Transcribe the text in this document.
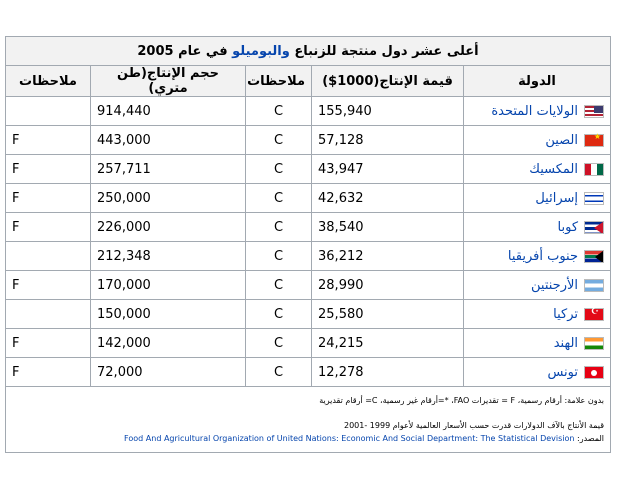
أعلى عشر دول منتجة للزنباع والبوميلو في عام 2005				
الدولة	قيمة الإنتاج(1000$)	ملاحظات	حجم الإنتاج(طن متري)	ملاحظات
الولايات المتحدة	155,940	C	914,440	
★الصين	57,128	C	443,000	F
المكسيك	43,947	C	257,711	F
إسرائيل	42,632	C	250,000	F
كوبا	38,540	C	226,000	F
جنوب أفريقيا	36,212	C	212,348	
الأرجنتين	28,990	C	170,000	F
☪تركيا	25,580	C	150,000	
الهند	24,215	C	142,000	F
تونس	12,278	C	72,000	F

بدون علامة: أرقام رسمية، F = تقديرات FAO، *=أرقام غير رسمية، C= أرقام تقديرية
قيمة الأنتاج بالآف الدولارات قدرت حسب الأسعار العالمية لأعوام 1999 -2001
المصدر: Food And Agricultural Organization of United Nations: Economic And Social Department: The Statistical Devision				
